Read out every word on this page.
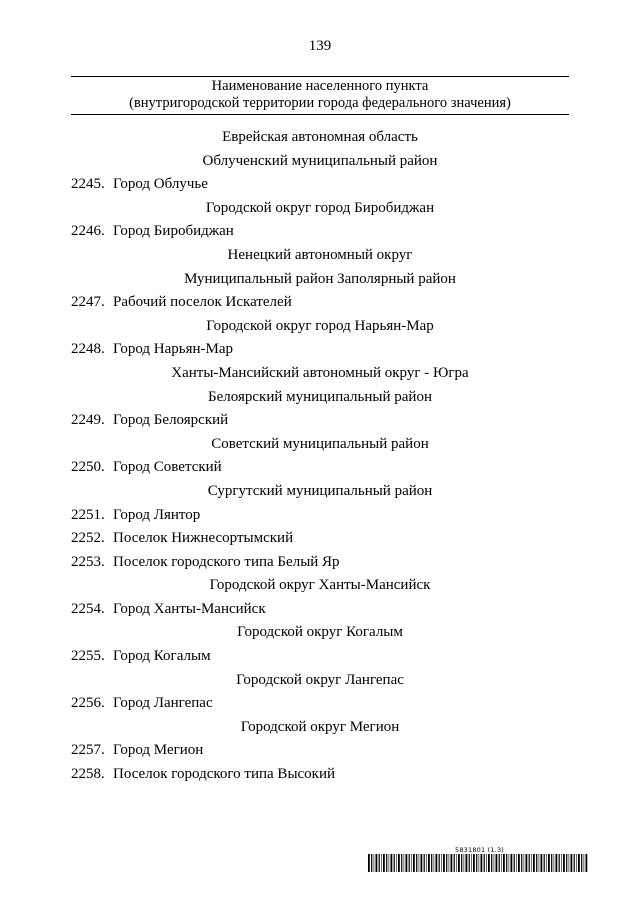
139
Наименование населенного пункта
(внутригородской территории города федерального значения)
Еврейская автономная область
Облученский муниципальный район
2245. Город Облучье
Городской округ город Биробиджан
2246. Город Биробиджан
Ненецкий автономный округ
Муниципальный район Заполярный район
2247. Рабочий поселок Искателей
Городской округ город Нарьян-Мар
2248. Город Нарьян-Мар
Ханты-Мансийский автономный округ - Югра
Белоярский муниципальный район
2249. Город Белоярский
Советский муниципальный район
2250. Город Советский
Сургутский муниципальный район
2251. Город Лянтор
2252. Поселок Нижнесортымский
2253. Поселок городского типа Белый Яр
Городской округ Ханты-Мансийск
2254. Город Ханты-Мансийск
Городской округ Когалым
2255. Город Когалым
Городской округ Лангепас
2256. Город Лангепас
Городской округ Мегион
2257. Город Мегион
2258. Поселок городского типа Высокий
5831801 (1.3)
